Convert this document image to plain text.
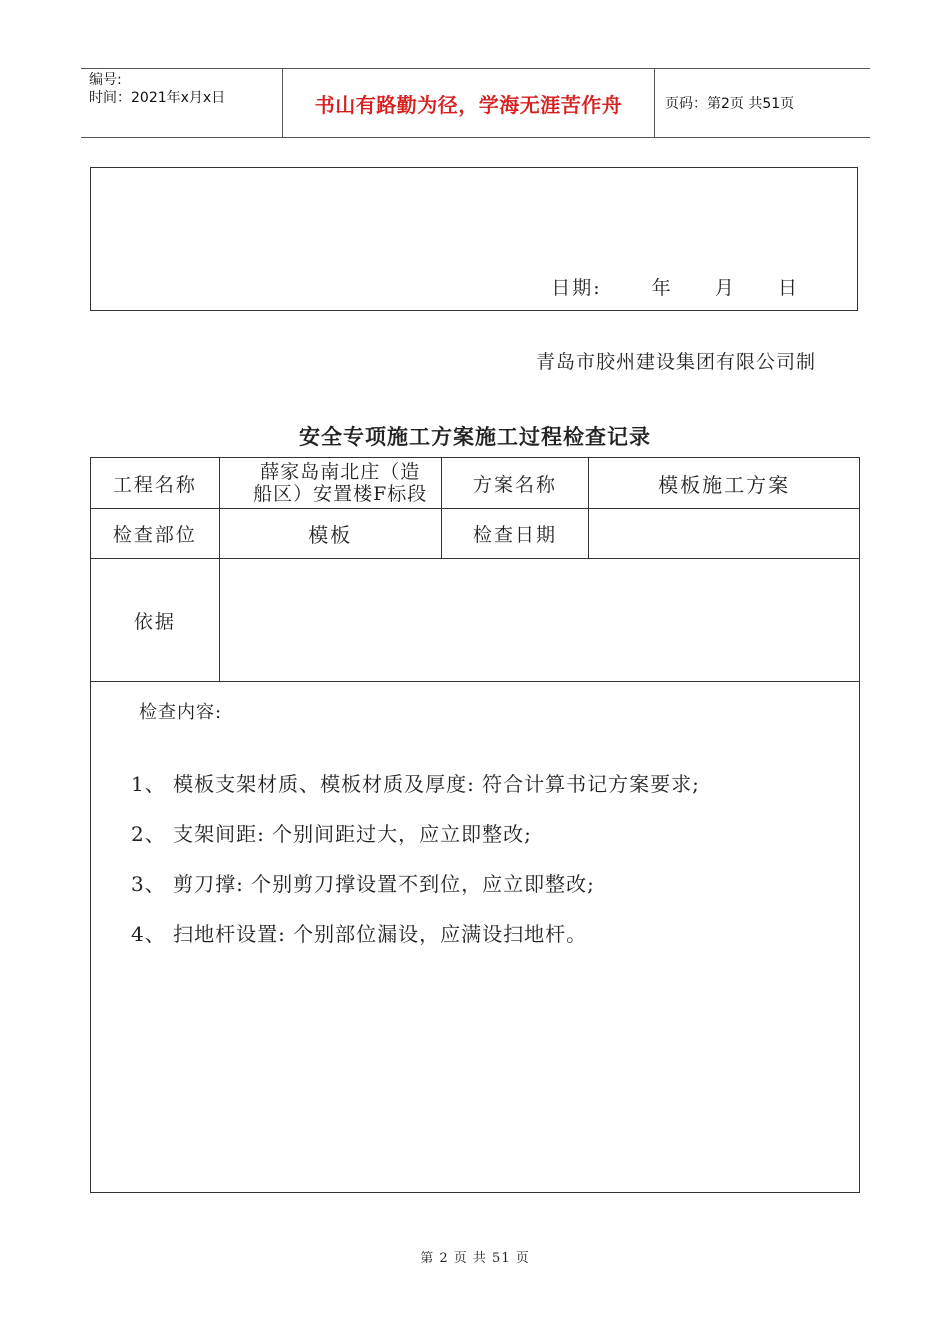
编号:
时间：2021年x月x日	书山有路勤为径，学海无涯苦作舟	页码：第2页 共51页
日期:	年 月 日
青岛市胶州建设集团有限公司制
安全专项施工方案施工过程检查记录
工程名称	薛家岛南北庄（造
船区）安置楼F标段	方案名称	模板施工方案
检查部位	模板	检查日期	
依据			

检查内容:
1、 模板支架材质、模板材质及厚度: 符合计算书记方案要求;
2、 支架间距: 个别间距过大，应立即整改;
3、 剪刀撑: 个别剪刀撑设置不到位，应立即整改;
4、 扫地杆设置: 个别部位漏设，应满设扫地杆。			
第 2 页 共 51 页
